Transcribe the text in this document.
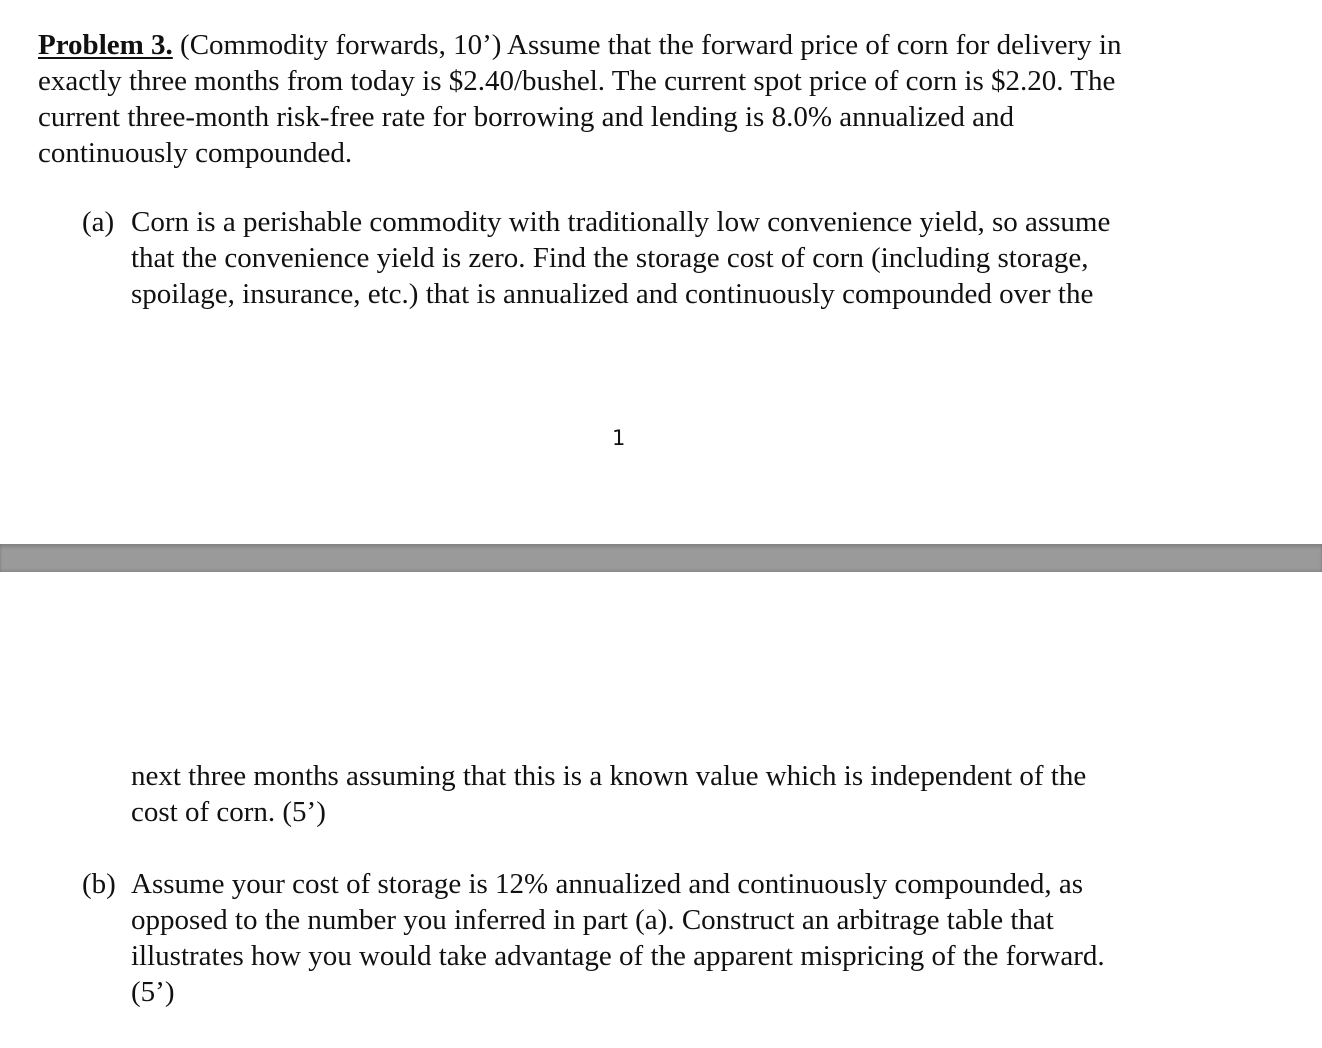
Problem 3. (Commodity forwards, 10’) Assume that the forward price of corn for delivery in
exactly three months from today is $2.40/bushel. The current spot price of corn is $2.20. The
current three-month risk-free rate for borrowing and lending is 8.0% annualized and
continuously compounded.

(a) Corn is a perishable commodity with traditionally low convenience yield, so assume
that the convenience yield is zero. Find the storage cost of corn (including storage,
spoilage, insurance, etc.) that is annualized and continuously compounded over the

1

next three months assuming that this is a known value which is independent of the
cost of corn. (5’)

(b) Assume your cost of storage is 12% annualized and continuously compounded, as
opposed to the number you inferred in part (a). Construct an arbitrage table that
illustrates how you would take advantage of the apparent mispricing of the forward.
(5’)
